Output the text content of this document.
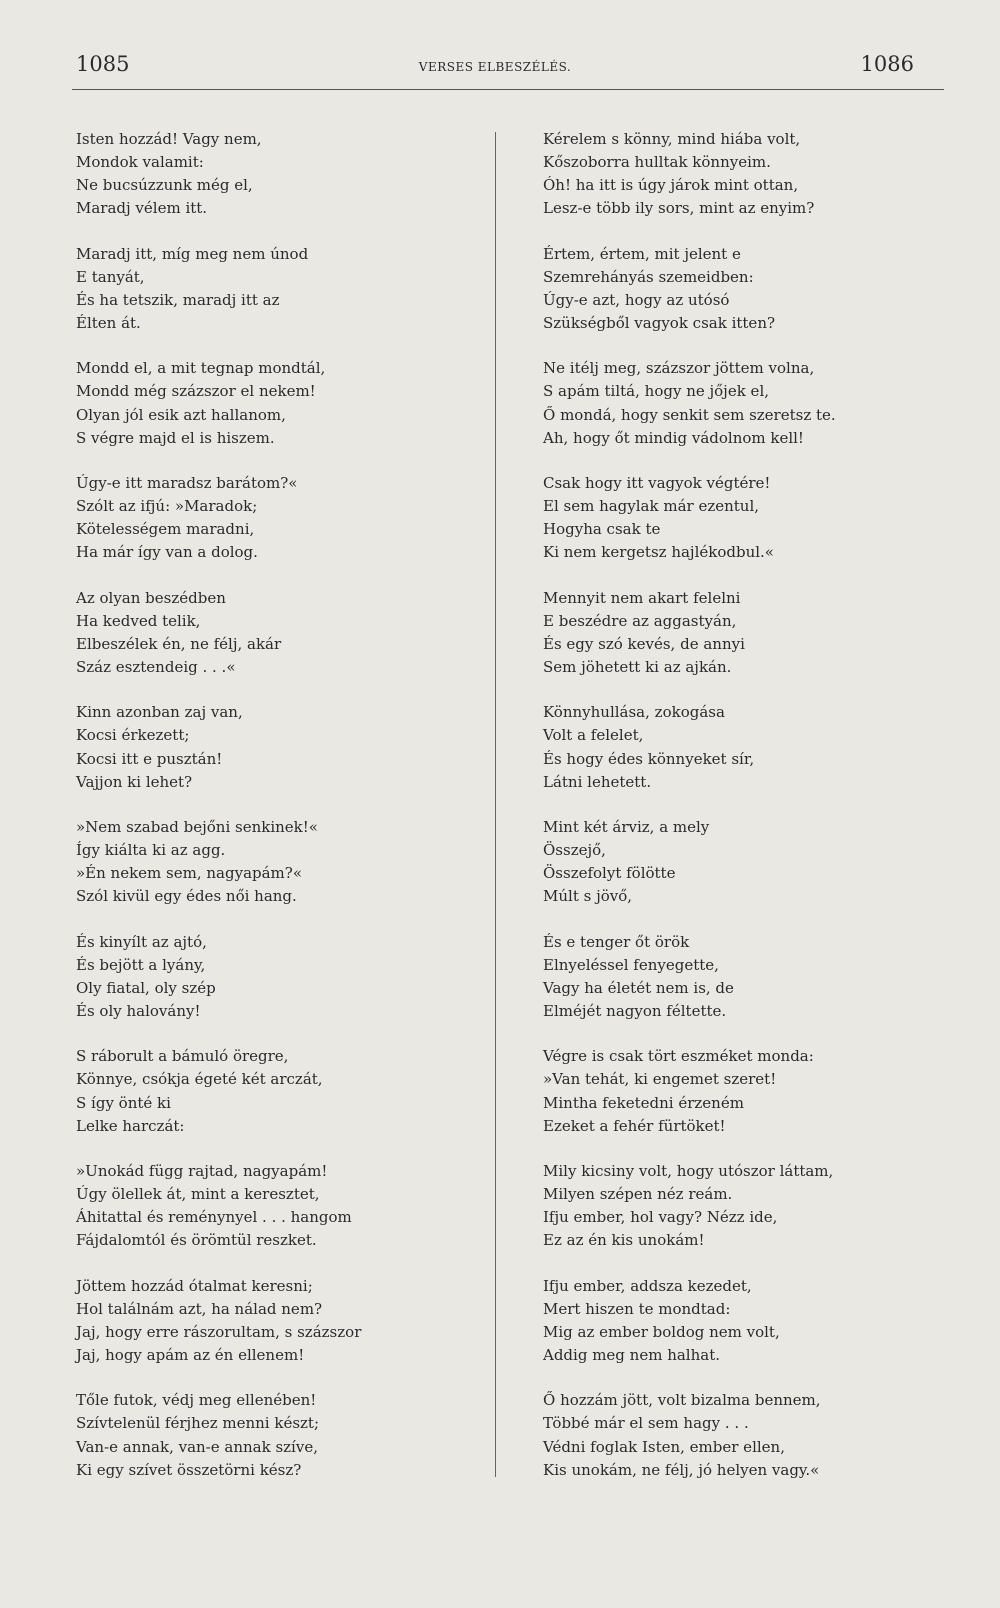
1085	VERSES ELBESZÉLÉS.	1086
Isten hozzád! Vagy nem,
Mondok valamit:
Ne bucsúzzunk még el,
Maradj vélem itt.
Maradj itt, míg meg nem únod
E tanyát,
És ha tetszik, maradj itt az
Élten át.
Mondd el, a mit tegnap mondtál,
Mondd még százszor el nekem!
Olyan jól esik azt hallanom,
S végre majd el is hiszem.
Úgy-e itt maradsz barátom?«
Szólt az ifjú: »Maradok;
Kötelességem maradni,
Ha már így van a dolog.
Az olyan beszédben
Ha kedved telik,
Elbeszélek én, ne félj, akár
Száz esztendeig . . .«
Kinn azonban zaj van,
Kocsi érkezett;
Kocsi itt e pusztán!
Vajjon ki lehet?
»Nem szabad bejőni senkinek!«
Így kiálta ki az agg.
»Én nekem sem, nagyapám?«
Szól kivül egy édes női hang.
És kinyílt az ajtó,
És bejött a lyány,
Oly fiatal, oly szép
És oly halovány!
S ráborult a bámuló öregre,
Könnye, csókja égeté két arczát,
S így önté ki
Lelke harczát:
»Unokád függ rajtad, nagyapám!
Úgy ölellek át, mint a keresztet,
Áhitattal és reménynyel . . . hangom
Fájdalomtól és örömtül reszket.
Jöttem hozzád ótalmat keresni;
Hol találnám azt, ha nálad nem?
Jaj, hogy erre rászorultam, s százszor
Jaj, hogy apám az én ellenem!
Tőle futok, védj meg ellenében!
Szívtelenül férjhez menni készt;
Van-e annak, van-e annak szíve,
Ki egy szívet összetörni kész?
Kérelem s könny, mind hiába volt,
Kőszoborra hulltak könnyeim.
Óh! ha itt is úgy járok mint ottan,
Lesz-e több ily sors, mint az enyim?
Értem, értem, mit jelent e
Szemrehányás szemeidben:
Úgy-e azt, hogy az utósó
Szükségből vagyok csak itten?
Ne itélj meg, százszor jöttem volna,
S apám tiltá, hogy ne jőjek el,
Ő mondá, hogy senkit sem szeretsz te.
Ah, hogy őt mindig vádolnom kell!
Csak hogy itt vagyok végtére!
El sem hagylak már ezentul,
Hogyha csak te
Ki nem kergetsz hajlékodbul.«
Mennyit nem akart felelni
E beszédre az aggastyán,
És egy szó kevés, de annyi
Sem jöhetett ki az ajkán.
Könnyhullása, zokogása
Volt a felelet,
És hogy édes könnyeket sír,
Látni lehetett.
Mint két árviz, a mely
Összejő,
Összefolyt fölötte
Múlt s jövő,
És e tenger őt örök
Elnyeléssel fenyegette,
Vagy ha életét nem is, de
Elméjét nagyon féltette.
Végre is csak tört eszméket monda:
»Van tehát, ki engemet szeret!
Mintha feketedni érzeném
Ezeket a fehér fürtöket!
Mily kicsiny volt, hogy utószor láttam,
Milyen szépen néz reám.
Ifju ember, hol vagy? Nézz ide,
Ez az én kis unokám!
Ifju ember, addsza kezedet,
Mert hiszen te mondtad:
Mig az ember boldog nem volt,
Addig meg nem halhat.
Ő hozzám jött, volt bizalma bennem,
Többé már el sem hagy . . .
Védni foglak Isten, ember ellen,
Kis unokám, ne félj, jó helyen vagy.«
